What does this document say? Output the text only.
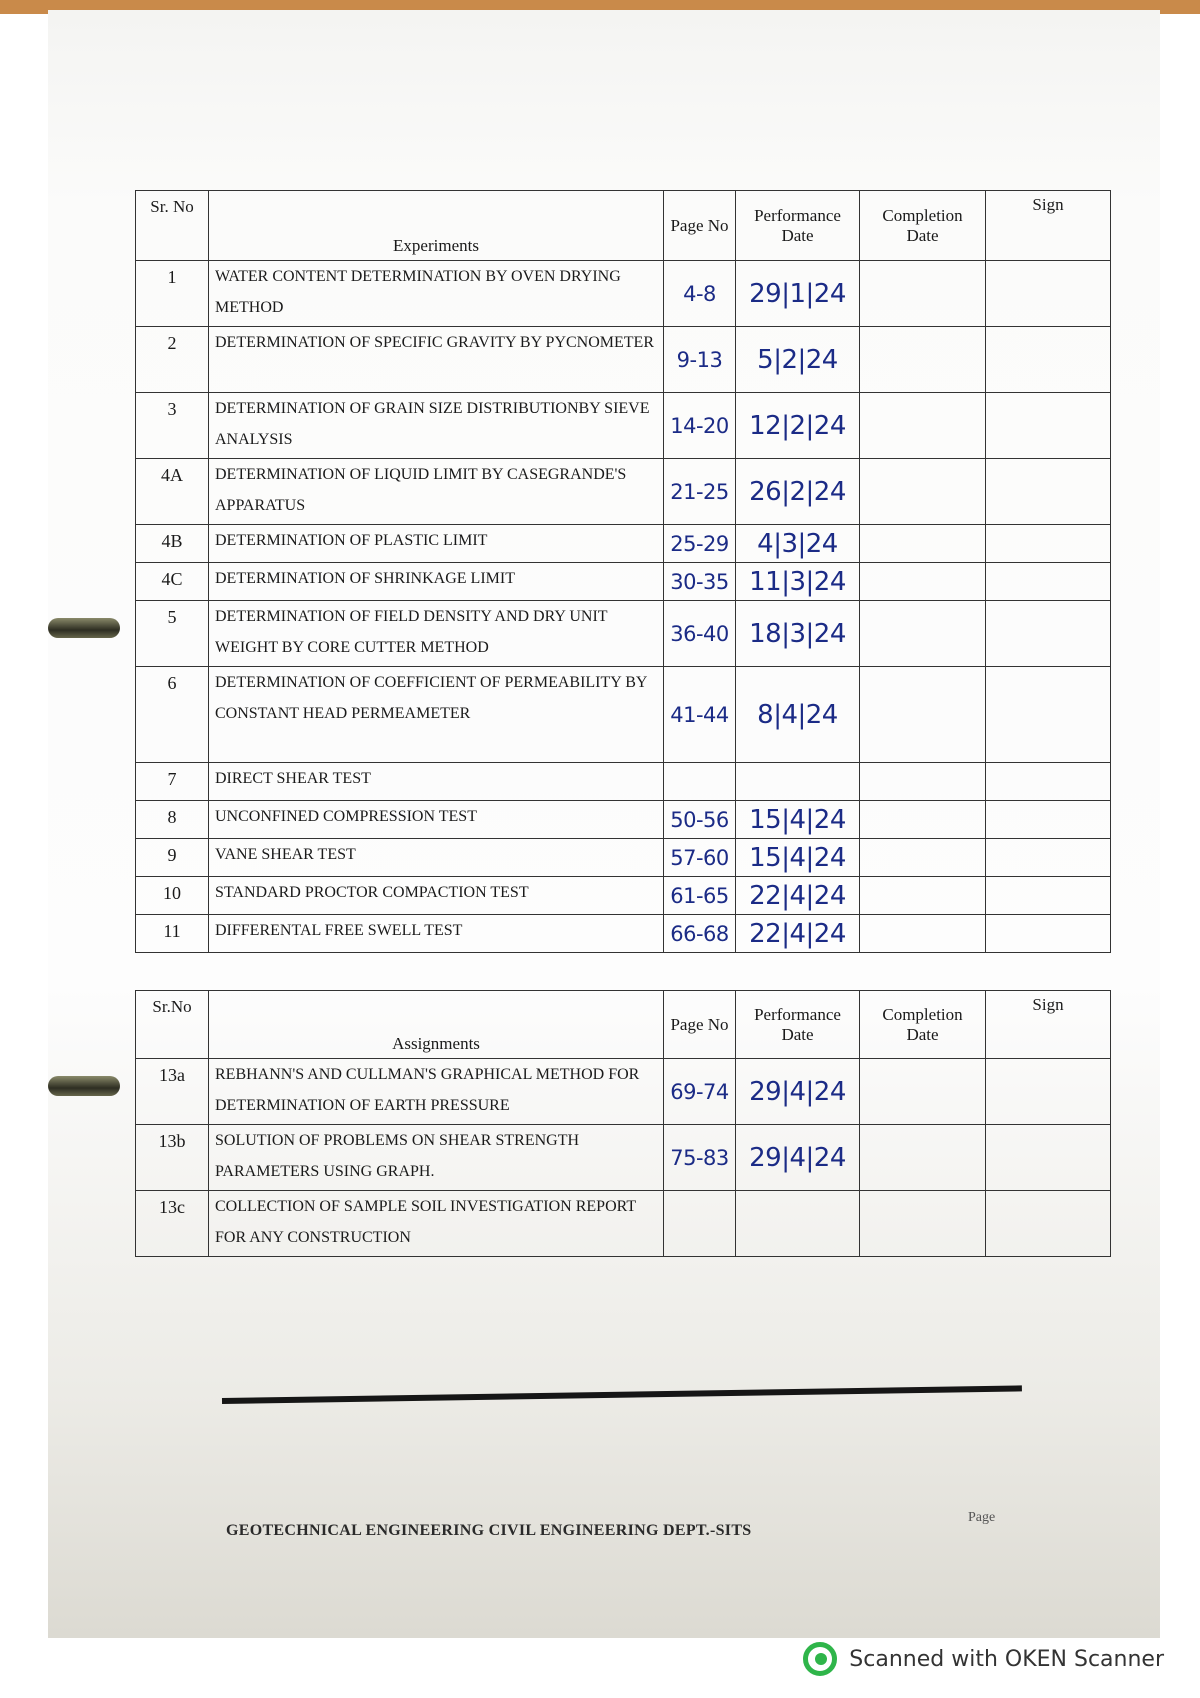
Sr. No	Experiments	Page No	Performance Date	Completion Date	Sign
1	WATER CONTENT DETERMINATION BY OVEN DRYING METHOD	4-8	29|1|24		
2	DETERMINATION OF SPECIFIC GRAVITY BY PYCNOMETER	9-13	5|2|24		
3	DETERMINATION OF GRAIN SIZE DISTRIBUTIONBY SIEVE ANALYSIS	14-20	12|2|24		
4A	DETERMINATION OF LIQUID LIMIT BY CASEGRANDE'S APPARATUS	21-25	26|2|24		
4B	DETERMINATION OF PLASTIC LIMIT	25-29	4|3|24		
4C	DETERMINATION OF SHRINKAGE LIMIT	30-35	11|3|24		
5	DETERMINATION OF FIELD DENSITY AND DRY UNIT WEIGHT BY CORE CUTTER METHOD	36-40	18|3|24		
6	DETERMINATION OF COEFFICIENT OF PERMEABILITY BY CONSTANT HEAD PERMEAMETER	41-44	8|4|24		
7	DIRECT SHEAR TEST				
8	UNCONFINED COMPRESSION TEST	50-56	15|4|24		
9	VANE SHEAR TEST	57-60	15|4|24		
10	STANDARD PROCTOR COMPACTION TEST	61-65	22|4|24		
11	DIFFERENTAL FREE SWELL TEST	66-68	22|4|24		
Sr.No	Assignments	Page No	Performance Date	Completion Date	Sign
13a	REBHANN'S AND CULLMAN'S GRAPHICAL METHOD FOR DETERMINATION OF EARTH PRESSURE	69-74	29|4|24		
13b	SOLUTION OF PROBLEMS ON SHEAR STRENGTH PARAMETERS USING GRAPH.	75-83	29|4|24		
13c	COLLECTION OF SAMPLE SOIL INVESTIGATION REPORT FOR ANY CONSTRUCTION				
GEOTECHNICAL ENGINEERING CIVIL ENGINEERING DEPT.-SITS
Page
Scanned with OKEN Scanner
